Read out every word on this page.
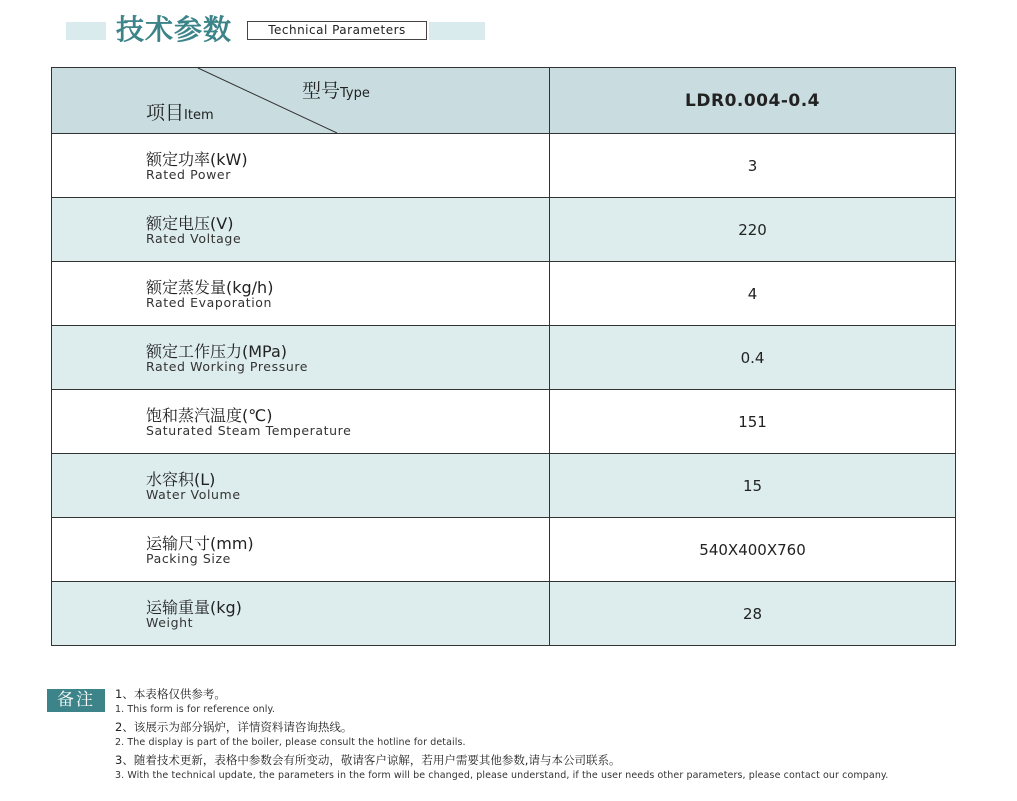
技术参数	Technical Parameters
型号Type
项目Item	LDR0.004-0.4

额定功率(kW)
Rated Power	3

额定电压(V)
Rated Voltage	220

额定蒸发量(kg/h)
Rated Evaporation	4

额定工作压力(MPa)
Rated Working Pressure	0.4

饱和蒸汽温度(℃)
Saturated Steam Temperature	151

水容积(L)
Water Volume	15

运输尺寸(mm)
Packing Size	540X400X760

运输重量(kg)
Weight	28
备注	1、本表格仅供参考。
1. This form is for reference only.
2、该展示为部分锅炉，详情资料请咨询热线。
2. The display is part of the boiler, please consult the hotline for details.
3、随着技术更新，表格中参数会有所变动，敬请客户谅解，若用户需要其他参数,请与本公司联系。
3. With the technical update, the parameters in the form will be changed, please understand, if the user needs other parameters, please contact our company.
